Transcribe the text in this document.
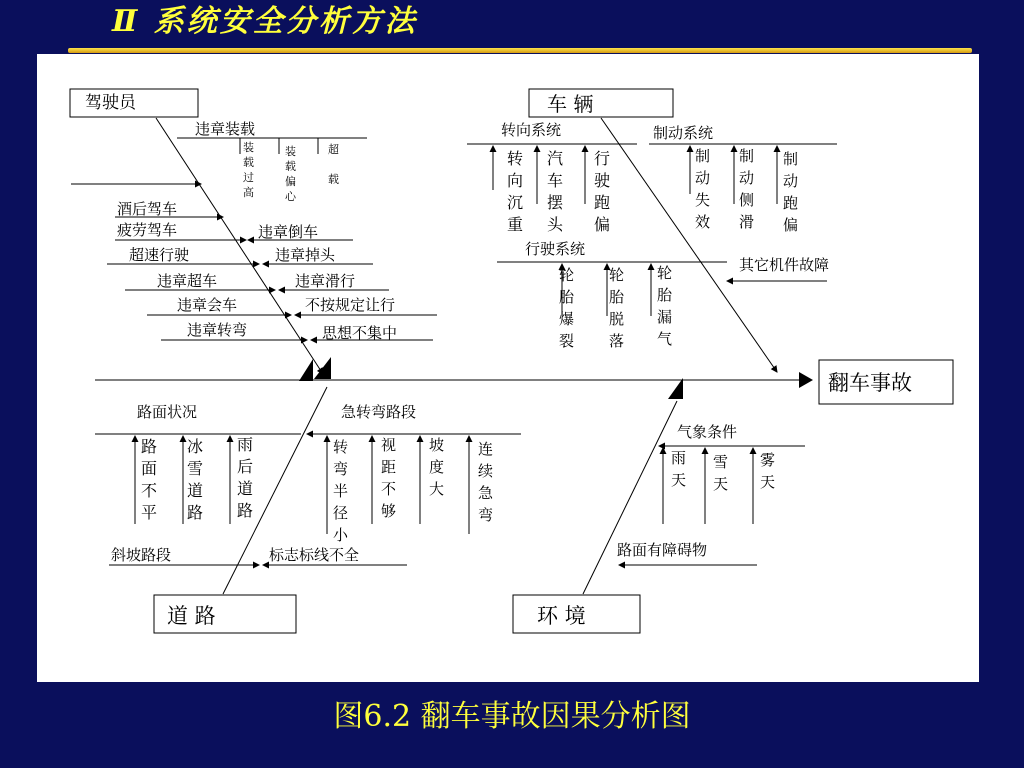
Ⅱ 系统安全分析方法
驾驶员	车 辆
道 路	环 境
翻车事故
违章装载
装载过高
装载偏心
超载
酒后驾车
疲劳驾车	违章倒车
超速行驶	违章掉头
违章超车	违章滑行
违章会车	不按规定让行
违章转弯	思想不集中
转向系统
转向沉重
汽车摆头
行驶跑偏
制动系统
制动失效
制动侧滑
制动跑偏
行驶系统
轮胎爆裂
轮胎脱落
轮胎漏气
其它机件故障
路面状况
路面不平
冰雪道路
雨后道路
急转弯路段
转弯半径小
视距不够
坡度大
连续急弯
斜坡路段	标志标线不全
气象条件
雨天
雪天
雾天
路面有障碍物
图6.2 翻车事故因果分析图
